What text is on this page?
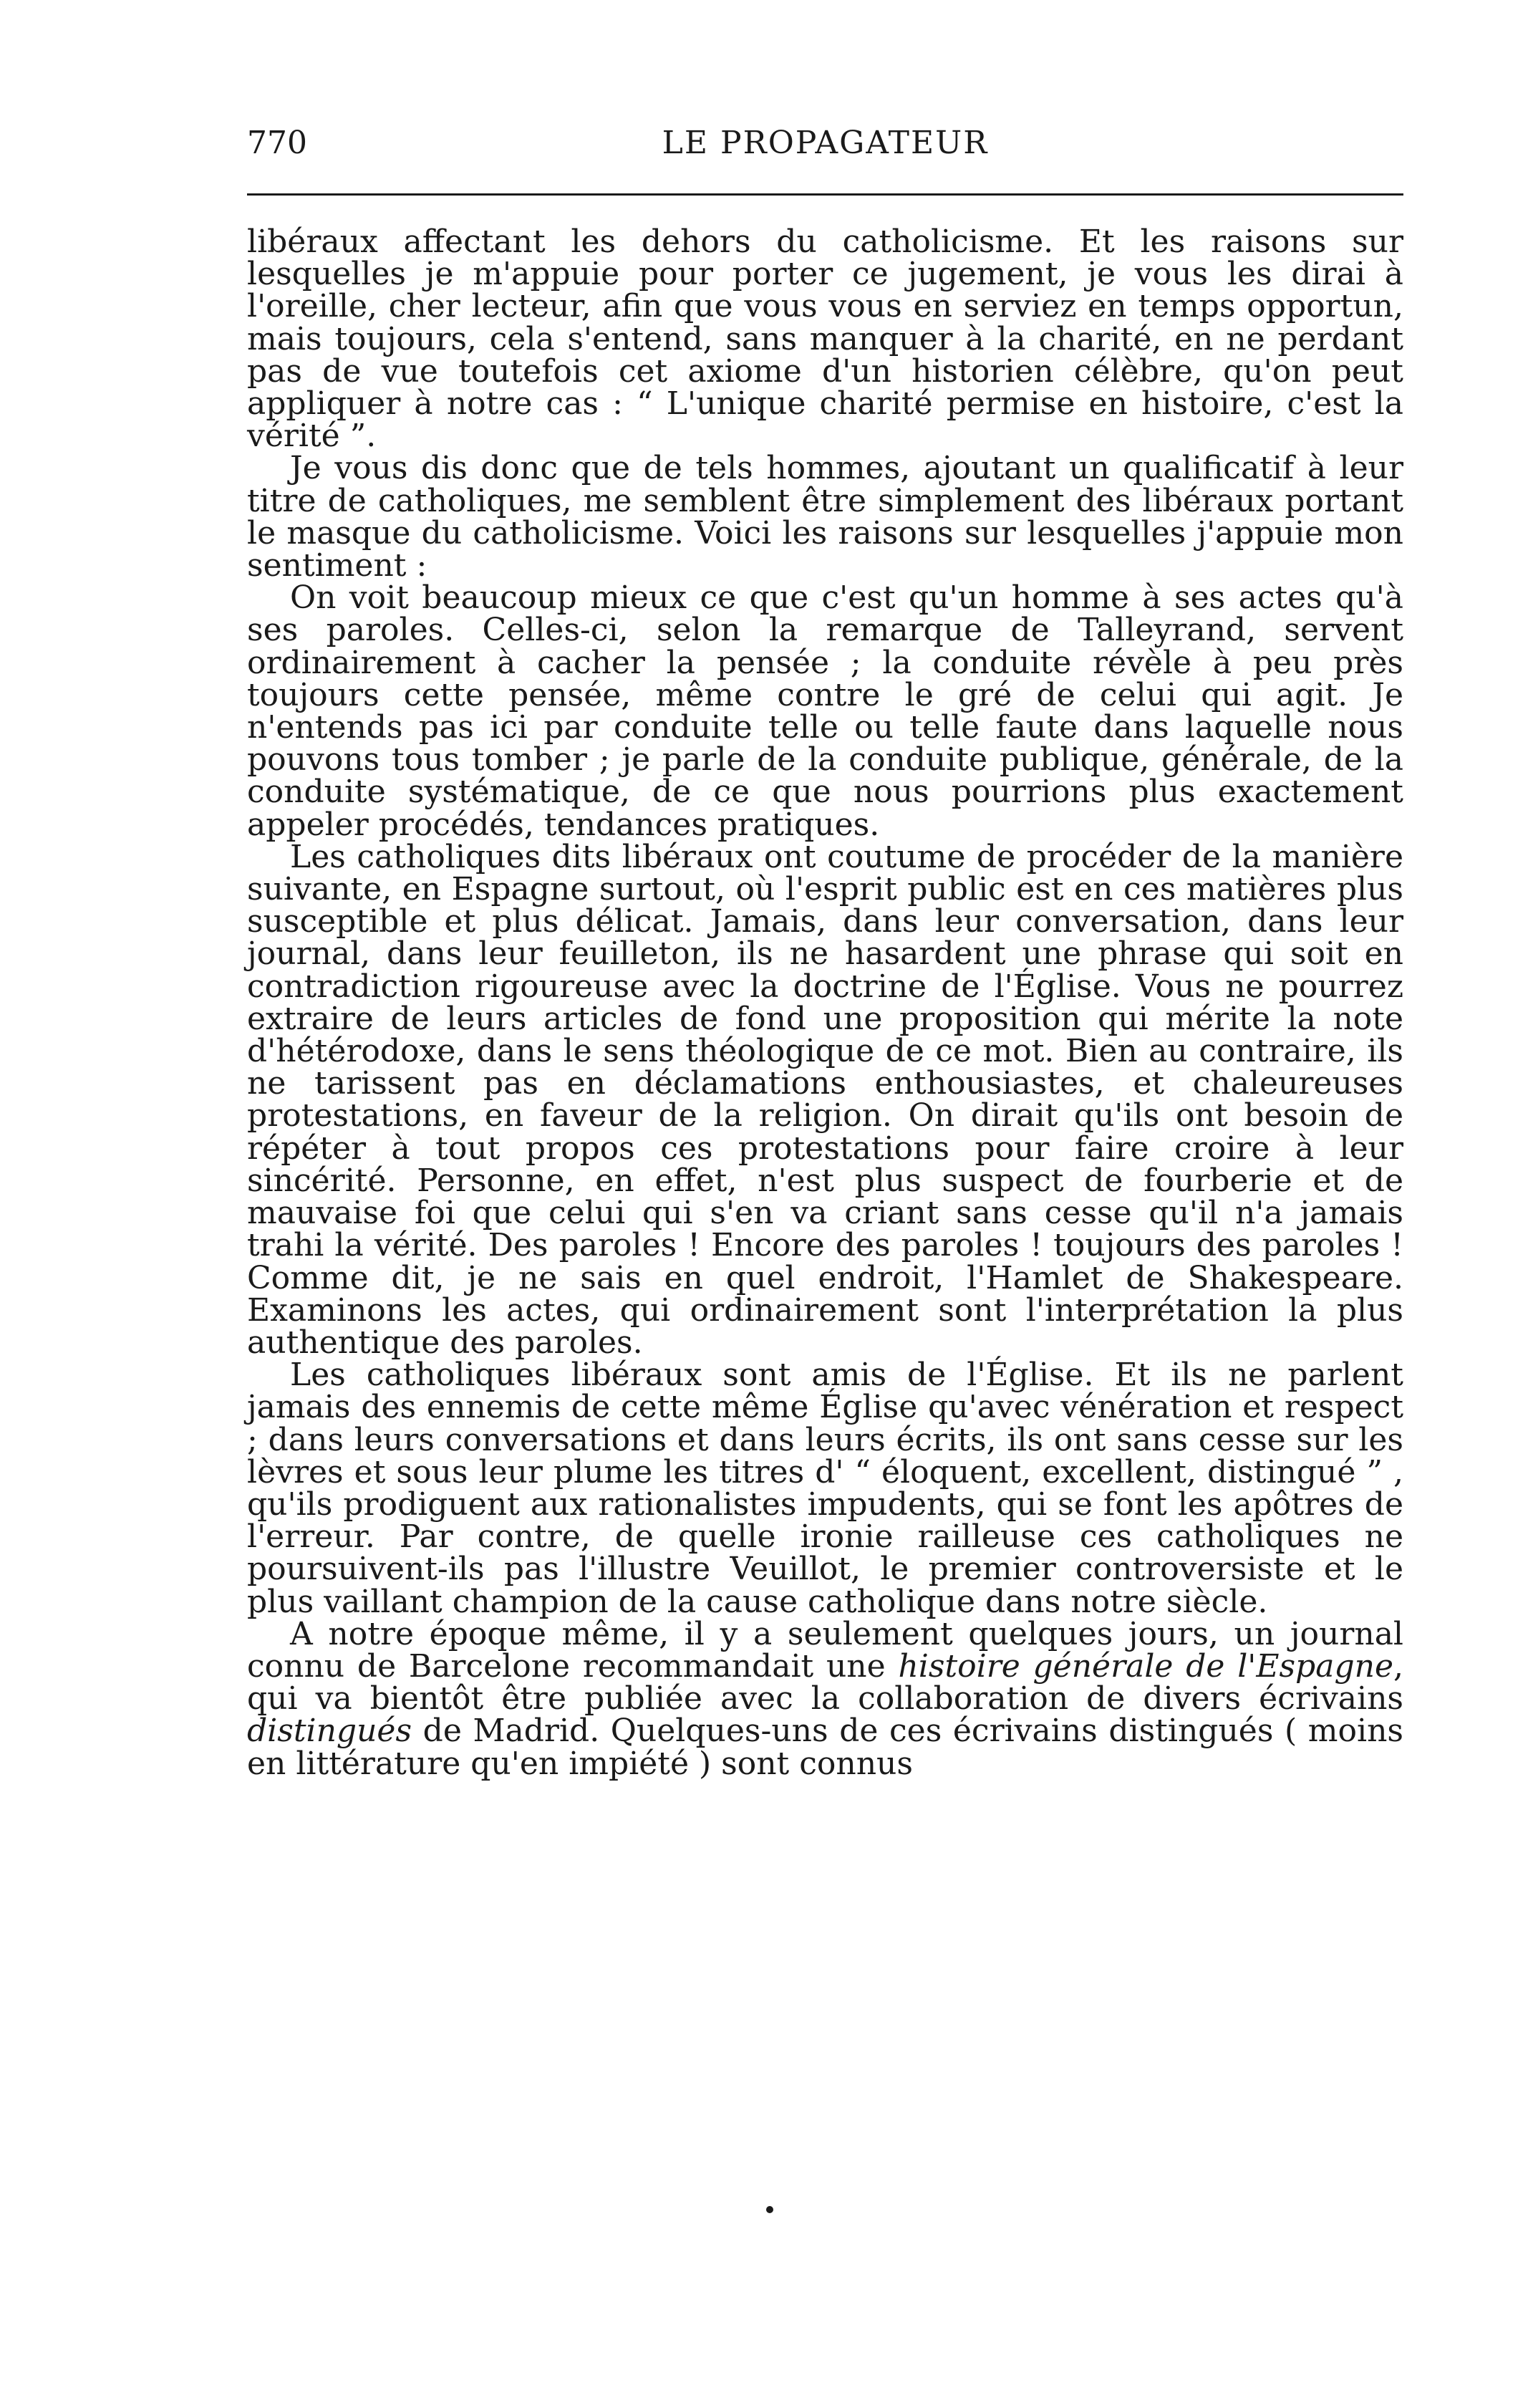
770	LE PROPAGATEUR

libéraux affectant les dehors du catholicisme. Et les raisons sur lesquelles je m'appuie pour porter ce jugement, je vous les dirai à l'oreille, cher lecteur, afin que vous vous en serviez en temps opportun, mais toujours, cela s'entend, sans manquer à la charité, en ne perdant pas de vue toutefois cet axiome d'un historien célèbre, qu'on peut appliquer à notre cas : “ L'unique charité permise en histoire, c'est la vérité ”.

Je vous dis donc que de tels hommes, ajoutant un qualificatif à leur titre de catholiques, me semblent être simplement des libéraux portant le masque du catholicisme. Voici les raisons sur lesquelles j'appuie mon sentiment :

On voit beaucoup mieux ce que c'est qu'un homme à ses actes qu'à ses paroles. Celles-ci, selon la remarque de Talleyrand, servent ordinairement à cacher la pensée ; la conduite révèle à peu près toujours cette pensée, même contre le gré de celui qui agit. Je n'entends pas ici par conduite telle ou telle faute dans laquelle nous pouvons tous tomber ; je parle de la conduite publique, générale, de la conduite systématique, de ce que nous pourrions plus exactement appeler procédés, tendances pratiques.

Les catholiques dits libéraux ont coutume de procéder de la manière suivante, en Espagne surtout, où l'esprit public est en ces matières plus susceptible et plus délicat. Jamais, dans leur conversation, dans leur journal, dans leur feuilleton, ils ne hasardent une phrase qui soit en contradiction rigoureuse avec la doctrine de l'Église. Vous ne pourrez extraire de leurs articles de fond une proposition qui mérite la note d'hétérodoxe, dans le sens théologique de ce mot. Bien au contraire, ils ne tarissent pas en déclamations enthousiastes, et chaleureuses protestations, en faveur de la religion. On dirait qu'ils ont besoin de répéter à tout propos ces protestations pour faire croire à leur sincérité. Personne, en effet, n'est plus suspect de fourberie et de mauvaise foi que celui qui s'en va criant sans cesse qu'il n'a jamais trahi la vérité. Des paroles ! Encore des paroles ! toujours des paroles ! Comme dit, je ne sais en quel endroit, l'Hamlet de Shakespeare. Examinons les actes, qui ordinairement sont l'interprétation la plus authentique des paroles.

Les catholiques libéraux sont amis de l'Église. Et ils ne parlent jamais des ennemis de cette même Église qu'avec vénération et respect ; dans leurs conversations et dans leurs écrits, ils ont sans cesse sur les lèvres et sous leur plume les titres d' “ éloquent, excellent, distingué ” , qu'ils prodiguent aux rationalistes impudents, qui se font les apôtres de l'erreur. Par contre, de quelle ironie railleuse ces catholiques ne poursuivent-ils pas l'illustre Veuillot, le premier controversiste et le plus vaillant champion de la cause catholique dans notre siècle.

A notre époque même, il y a seulement quelques jours, un journal connu de Barcelone recommandait une histoire générale de l'Espagne, qui va bientôt être publiée avec la collaboration de divers écrivains distingués de Madrid. Quelques-uns de ces écrivains distingués ( moins en littérature qu'en impiété ) sont connus
